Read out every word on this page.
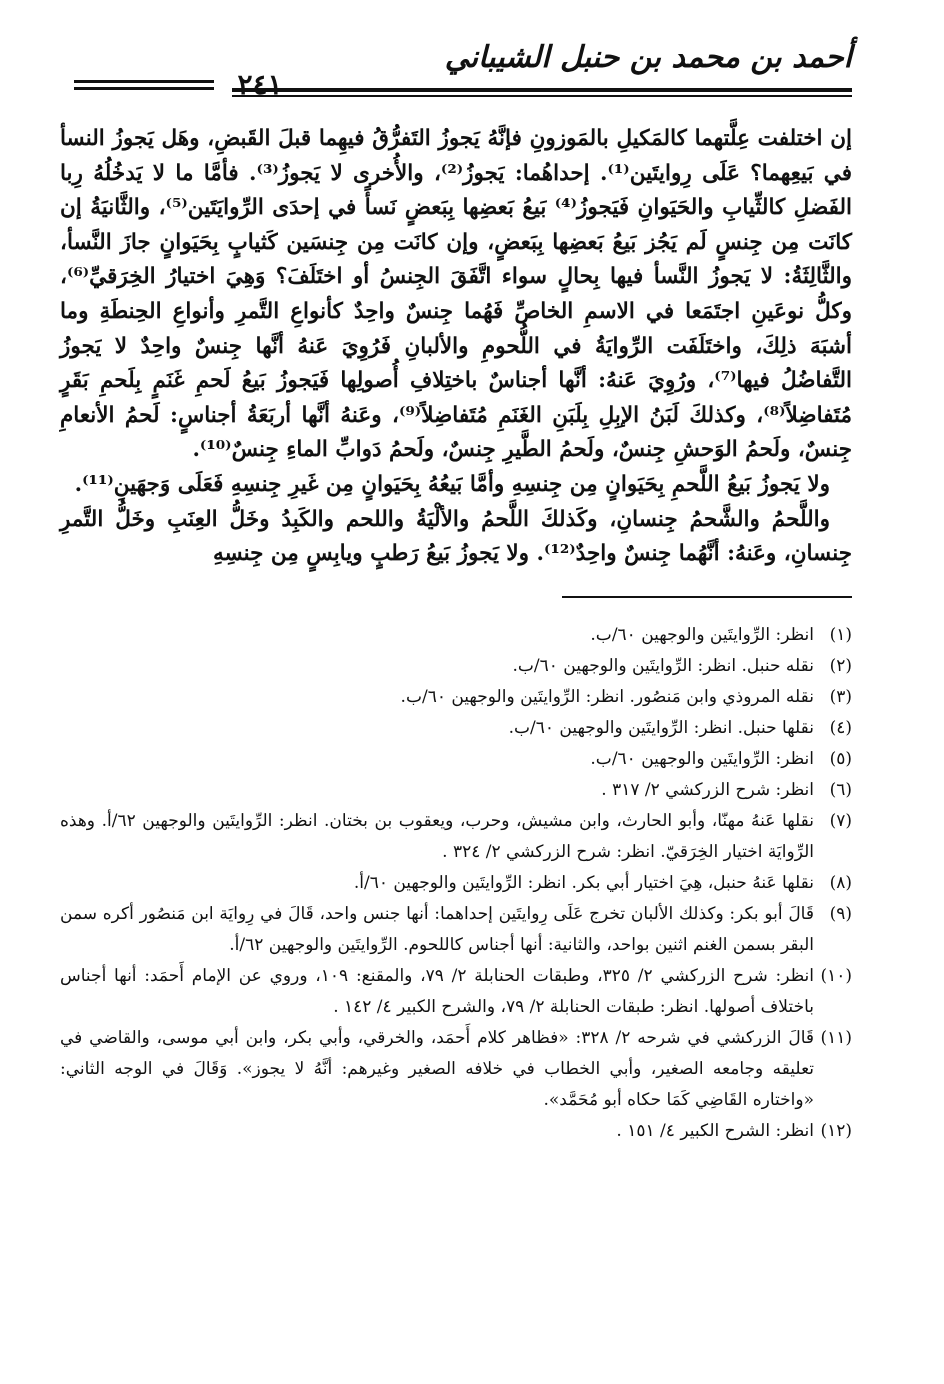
أحمد بن محمد بن حنبل الشيباني
٢٤١

إن اختلفت عِلَّتهما كالمَكيلِ بالمَوزونِ فإنَّهُ يَجوزُ التَفرُّقُ فيهِما قبلَ القَبضِ، وهَل يَجوزُ النسأ في بَيعِهما؟ عَلَى رِوايتَين⁽¹⁾. إحداهُما: يَجوزُ⁽²⁾، والأُخرى لا يَجوزُ⁽³⁾. فأمَّا ما لا يَدخُلُهُ رِبا الفَضلِ كالثِّيابِ والحَيَوانِ فَيَجوزُ⁽⁴⁾ بَيعُ بَعضِها بِبَعضٍ نَسأً في إحدَى الرِّوايَتَين⁽⁵⁾، والثَّانيَةُ إن كانَت مِن جِنسٍ لَم يَجُز بَيعُ بَعضِها بِبَعضٍ، وإن كانَت مِن جِنسَين كَثيابٍ بِحَيَوانٍ جازَ النَّسأ، والثَّالِثَةُ: لا يَجوزُ النَّسأ فيها بِحالٍ سواء اتَّفَقَ الجِنسُ أو اختَلَفَ؟ وَهِيَ اختيارُ الخِرَقيِّ⁽⁶⁾، وكلُّ نوعَينِ اجتَمَعا في الاسمِ الخاصِّ فَهُما جِنسٌ واحِدٌ كأنواعِ التَّمرِ وأنواعِ الحِنطَةِ وما أشبَهَ ذلِكَ، واختَلَفَت الرِّوايَةُ في اللُّحومِ والألبانِ فَرُوِيَ عَنهُ أنَّها جِنسٌ واحِدٌ لا يَجوزُ التَّفاضُلُ فيها⁽⁷⁾، ورُوِيَ عَنهُ: أنَّها أجناسٌ باختِلافِ أُصولِها فَيَجوزُ بَيعُ لَحمِ غَنَمٍ بِلَحمِ بَقَرٍ مُتَفاضِلاً⁽⁸⁾، وكذلكَ لَبَنُ الإبِلِ بِلَبَنِ الغَنَمِ مُتَفاضِلاً⁽⁹⁾، وعَنهُ أنَّها أربَعَةُ أجناسٍ: لَحمُ الأنعامِ جِنسٌ، ولَحمُ الوَحشِ جِنسٌ، ولَحمُ الطَّيرِ جِنسٌ، ولَحمُ دَوابِّ الماءِ جِنسٌ⁽¹⁰⁾.

ولا يَجوزُ بَيعُ اللَّحمِ بِحَيَوانٍ مِن جِنسِهِ وأمَّا بَيعُهُ بِحَيَوانٍ مِن غَيرِ جِنسِهِ فَعَلَى وَجهَينِ⁽¹¹⁾.

واللَّحمُ والشَّحمُ جِنسانِ، وكَذلكَ اللَّحمُ والألْيَةُ واللحم والكَبِدُ وخَلُّ العِنَبِ وخَلُّ التَّمرِ جِنسانِ، وعَنهُ: أنَّهُما جِنسٌ واحِدٌ⁽¹²⁾. ولا يَجوزُ بَيعُ رَطبٍ ويابِسٍ مِن جِنسِهِ

(١)
انظر: الرِّوايتَين والوجهين ٦٠/ب.

(٢)
نقله حنبل. انظر: الرِّوايتَين والوجهين ٦٠/ب.

(٣)
نقله المروذي وابن مَنصُور. انظر: الرِّوايتَين والوجهين ٦٠/ب.

(٤)
نقلها حنبل. انظر: الرِّوايتَين والوجهين ٦٠/ب.

(٥)
انظر: الرِّوايتَين والوجهين ٦٠/ب.

(٦)
انظر: شرح الزركشي ٢/ ٣١٧ .

(٧)
نقلها عَنهُ مهنّا، وأبو الحارث، وابن مشيش، وحرب، ويعقوب بن بختان. انظر: الرِّوايتَين والوجهين ٦٢/أ. وهذه الرِّوايَة اختيار الخِرَقيّ. انظر: شرح الزركشي ٢/ ٣٢٤ .

(٨)
نقلها عَنهُ حنبل، هِيَ اختيار أبي بكر. انظر: الرِّوايتَين والوجهين ٦٠/أ.

(٩)
قَالَ أبو بكر: وكذلك الألبان تخرج عَلَى رِوايتَين إحداهما: أنها جنس واحد، قَالَ في رِوايَة ابن مَنصُور أكره سمن البقر بسمن الغنم اثنين بواحد، والثانية: أنها أجناس كاللحوم. الرِّوايتَين والوجهين ٦٢/أ.

(١٠)
انظر: شرح الزركشي ٢/ ٣٢٥، وطبقات الحنابلة ٢/ ٧٩، والمقنع: ١٠٩، وروي عن الإمام أَحمَد: أنها أجناس باختلاف أصولها. انظر: طبقات الحنابلة ٢/ ٧٩، والشرح الكبير ٤/ ١٤٢ .

(١١)
قَالَ الزركشي في شرحه ٢/ ٣٢٨: «فظاهر كلام أَحمَد، والخرقي، وأبي بكر، وابن أبي موسى، والقاضي في تعليقه وجامعه الصغير، وأبي الخطاب في خلافه الصغير وغيرهم: أنَّهُ لا يجوز». وَقَالَ في الوجه الثاني: «واختاره القَاضِي كَمَا حكاه أبو مُحَمَّد».

(١٢)
انظر: الشرح الكبير ٤/ ١٥١ .
